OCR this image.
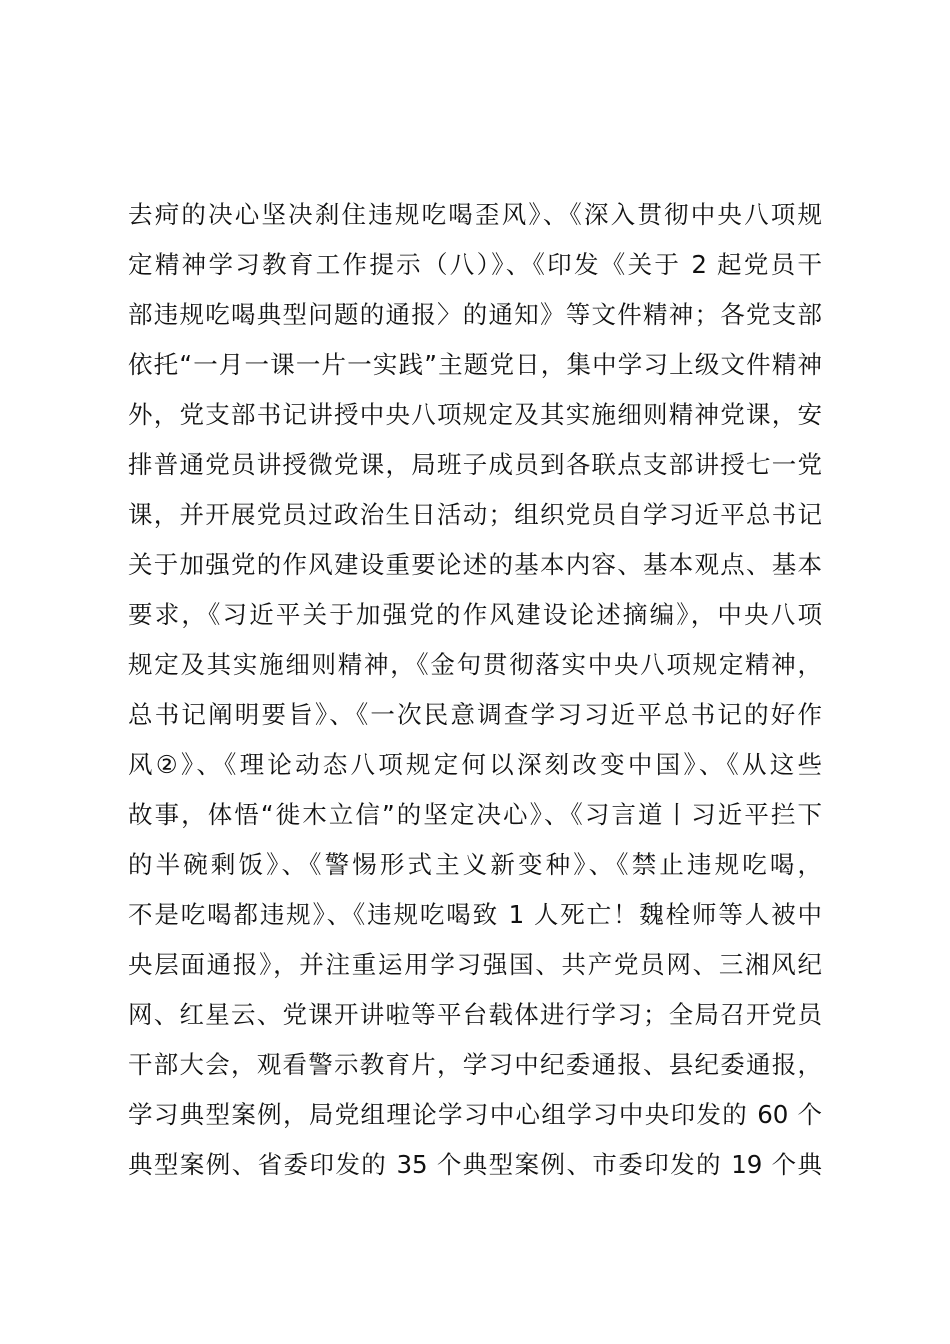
去疴的决心坚决刹住违规吃喝歪风》、《深入贯彻中央八项规
定精神学习教育工作提示（八）》、《印发《关于 2 起党员干
部违规吃喝典型问题的通报〉的通知》等文件精神；各党支部
依托“一月一课一片一实践”主题党日，集中学习上级文件精神
外，党支部书记讲授中央八项规定及其实施细则精神党课，安
排普通党员讲授微党课，局班子成员到各联点支部讲授七一党
课，并开展党员过政治生日活动；组织党员自学习近平总书记
关于加强党的作风建设重要论述的基本内容、基本观点、基本
要求，《习近平关于加强党的作风建设论述摘编》，中央八项
规定及其实施细则精神，《金句贯彻落实中央八项规定精神，
总书记阐明要旨》、《一次民意调查学习习近平总书记的好作
风②》、《理论动态八项规定何以深刻改变中国》、《从这些
故事，体悟“徙木立信”的坚定决心》、《习言道丨习近平拦下
的半碗剩饭》、《警惕形式主义新变种》、《禁止违规吃喝，
不是吃喝都违规》、《违规吃喝致 1 人死亡！魏栓师等人被中
央层面通报》，并注重运用学习强国、共产党员网、三湘风纪
网、红星云、党课开讲啦等平台载体进行学习；全局召开党员
干部大会，观看警示教育片，学习中纪委通报、县纪委通报，
学习典型案例，局党组理论学习中心组学习中央印发的 60 个
典型案例、省委印发的 35 个典型案例、市委印发的 19 个典
